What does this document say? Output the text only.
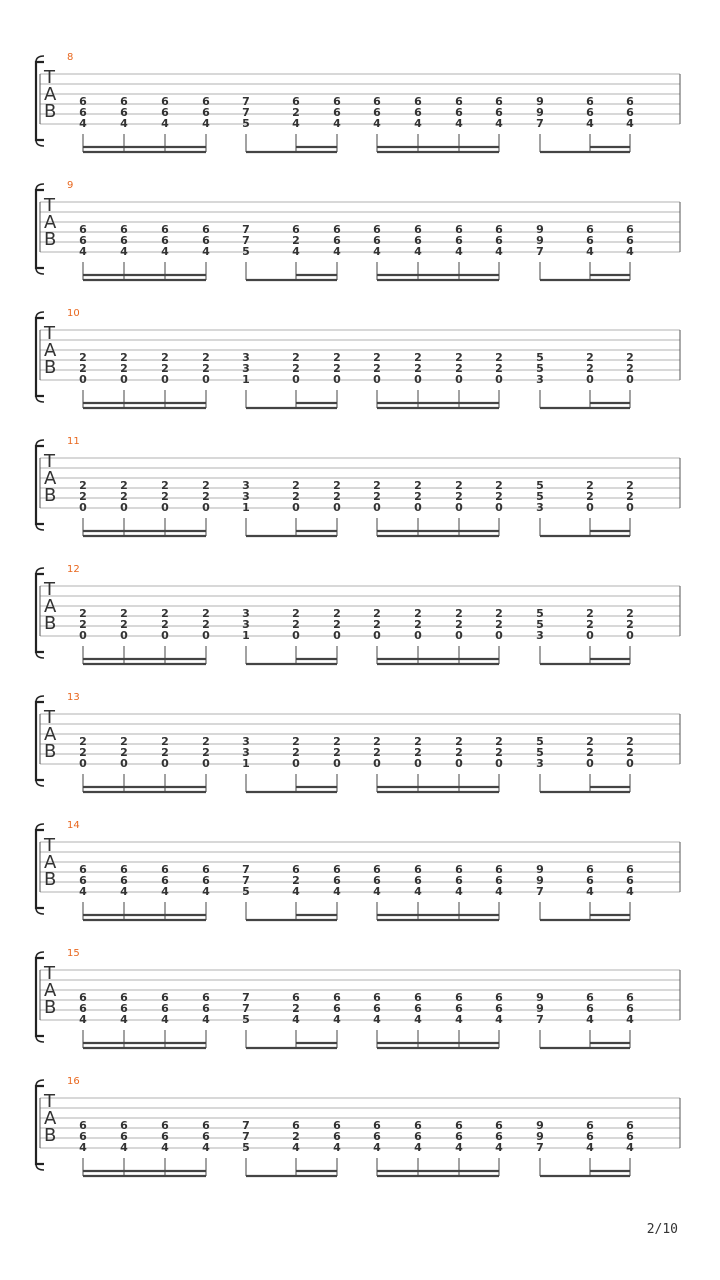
8
T
A
B 6
6
4
6
6
4
6
6
4
6
6
4
7
7
5
6
2
4
6
6
4
6
6
4
6
6
4
6
6
4
6
6
4
9
9
7
6
6
4
6
6
4
9
T
A
B 6
6
4
6
6
4
6
6
4
6
6
4
7
7
5
6
2
4
6
6
4
6
6
4
6
6
4
6
6
4
6
6
4
9
9
7
6
6
4
6
6
4
10
T
A
B 2
2
0
2
2
0
2
2
0
2
2
0
3
3
1
2
2
0
2
2
0
2
2
0
2
2
0
2
2
0
2
2
0
5
5
3
2
2
0
2
2
0
11
T
A
B 2
2
0
2
2
0
2
2
0
2
2
0
3
3
1
2
2
0
2
2
0
2
2
0
2
2
0
2
2
0
2
2
0
5
5
3
2
2
0
2
2
0
12
T
A
B 2
2
0
2
2
0
2
2
0
2
2
0
3
3
1
2
2
0
2
2
0
2
2
0
2
2
0
2
2
0
2
2
0
5
5
3
2
2
0
2
2
0
13
T
A
B 2
2
0
2
2
0
2
2
0
2
2
0
3
3
1
2
2
0
2
2
0
2
2
0
2
2
0
2
2
0
2
2
0
5
5
3
2
2
0
2
2
0
14
T
A
B 6
6
4
6
6
4
6
6
4
6
6
4
7
7
5
6
2
4
6
6
4
6
6
4
6
6
4
6
6
4
6
6
4
9
9
7
6
6
4
6
6
4
15
T
A
B 6
6
4
6
6
4
6
6
4
6
6
4
7
7
5
6
2
4
6
6
4
6
6
4
6
6
4
6
6
4
6
6
4
9
9
7
6
6
4
6
6
4
16
T
A
B 6
6
4
6
6
4
6
6
4
6
6
4
7
7
5
6
2
4
6
6
4
6
6
4
6
6
4
6
6
4
6
6
4
9
9
7
6
6
4
6
6
4
2/10
